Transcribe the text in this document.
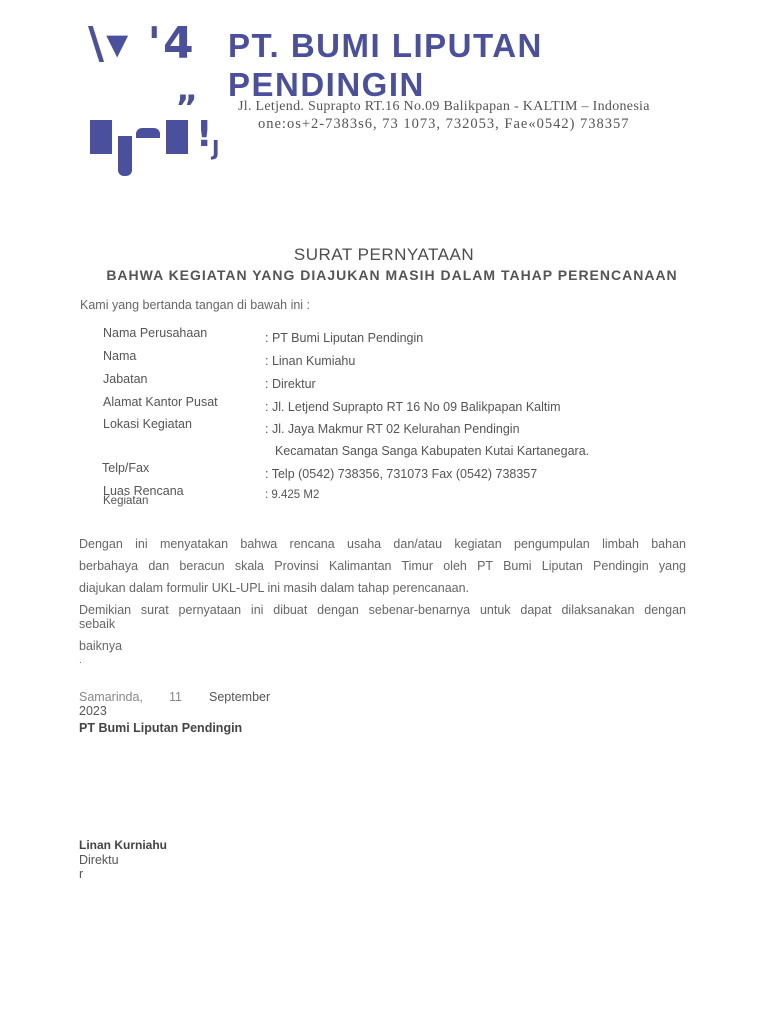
\▾ '4
„
! J
PT. BUMI LIPUTAN PENDINGIN
Jl. Letjend. Suprapto RT.16 No.09 Balikpapan - KALTIM – Indonesia
one:os+2-7383s6, 73 1073, 732053, Fae«0542) 738357
SURAT PERNYATAAN
BAHWA KEGIATAN YANG DIAJUKAN MASIH DALAM TAHAP PERENCANAAN
Kami yang bertanda tangan di bawah ini :
Nama Perusahaan	: PT Bumi Liputan Pendingin
Nama	: Linan Kumiahu
Jabatan	: Direktur
Alamat Kantor Pusat	: Jl. Letjend Suprapto RT 16 No 09 Balikpapan Kaltim
Lokasi Kegiatan	: Jl. Jaya Makmur RT 02 Kelurahan Pendingin
Kecamatan Sanga Sanga Kabupaten Kutai Kartanegara.
Telp/Fax	: Telp (0542) 738356, 731073 Fax (0542) 738357
Luas Rencana
Kegiatan	: 9.425 M2
Dengan ini menyatakan bahwa rencana usaha dan/atau kegiatan pengumpulan limbah bahan
berbahaya dan beracun skala Provinsi Kalimantan Timur oleh PT Bumi Liputan Pendingin yang
diajukan dalam formulir UKL-UPL ini masih dalam tahap perencanaan.
Demikian surat pernyataan ini dibuat dengan sebenar-benarnya untuk dapat dilaksanakan dengan
sebaik
baiknya
.
Samarinda, 11 September
2023
PT Bumi Liputan Pendingin
Linan Kurniahu
Direktu
r
